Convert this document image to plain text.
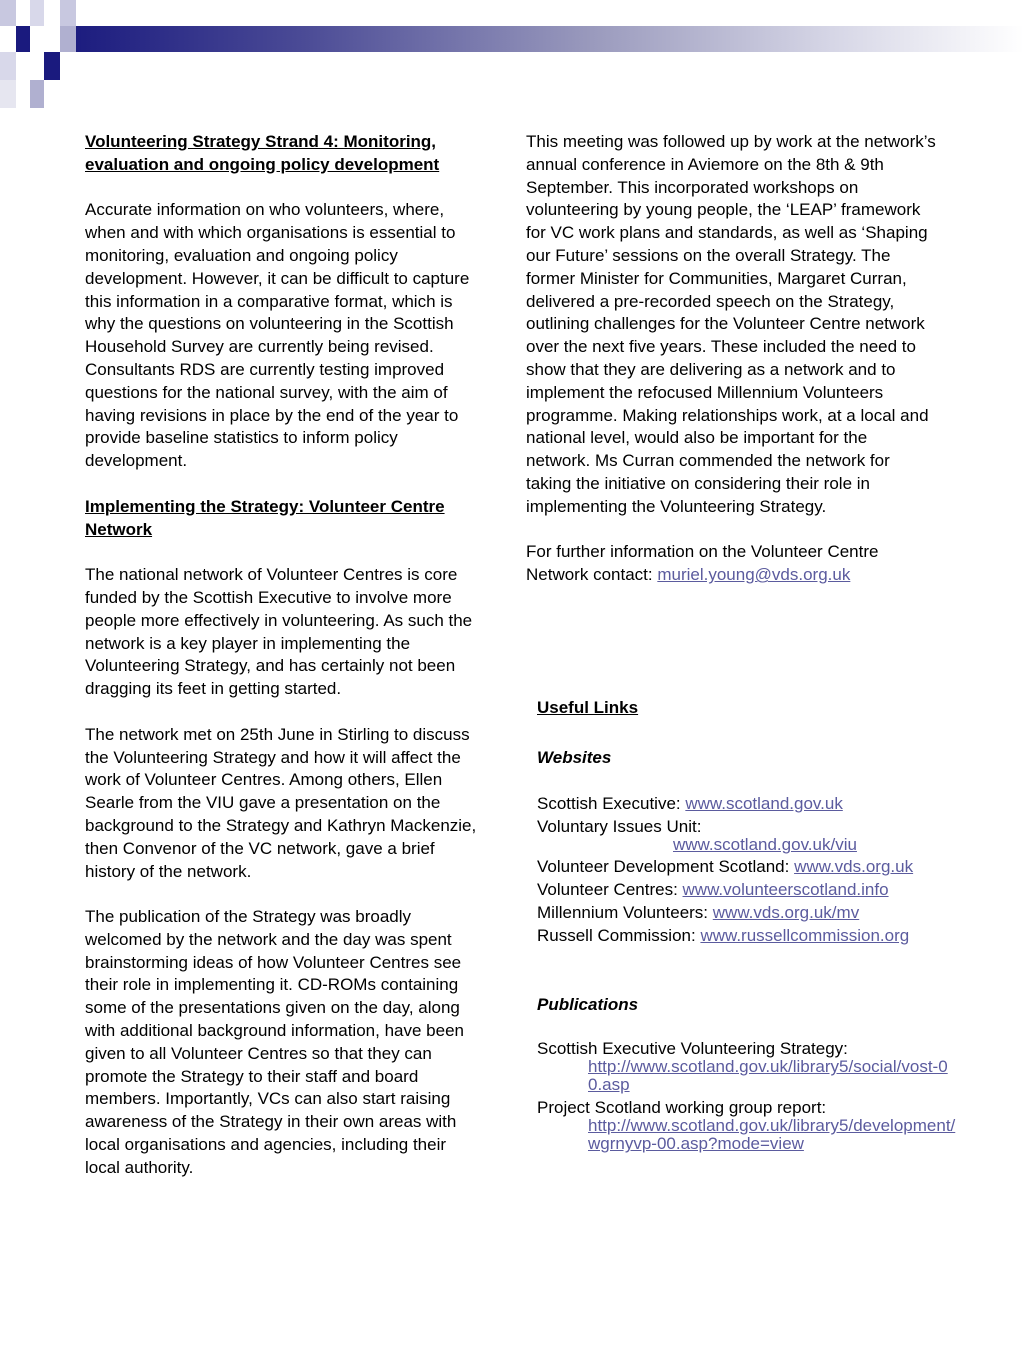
Volunteering Strategy Strand 4: Monitoring, evaluation and ongoing policy development

Accurate information on who volunteers, where, when and with which organisations is essential to monitoring, evaluation and ongoing policy development. However, it can be difficult to capture this information in a comparative format, which is why the questions on volunteering in the Scottish Household Survey are currently being revised. Consultants RDS are currently testing improved questions for the national survey, with the aim of having revisions in place by the end of the year to provide baseline statistics to inform policy development.

Implementing the Strategy: Volunteer Centre Network

The national network of Volunteer Centres is core funded by the Scottish Executive to involve more people more effectively in volunteering. As such the network is a key player in implementing the Volunteering Strategy, and has certainly not been dragging its feet in getting started.

The network met on 25th June in Stirling to discuss the Volunteering Strategy and how it will affect the work of Volunteer Centres. Among others, Ellen Searle from the VIU gave a presentation on the background to the Strategy and Kathryn Mackenzie, then Convenor of the VC network, gave a brief history of the network.

The publication of the Strategy was broadly welcomed by the network and the day was spent brainstorming ideas of how Volunteer Centres see their role in implementing it. CD-ROMs containing some of the presentations given on the day, along with additional background information, have been given to all Volunteer Centres so that they can promote the Strategy to their staff and board members. Importantly, VCs can also start raising awareness of the Strategy in their own areas with local organisations and agencies, including their local authority.

This meeting was followed up by work at the network’s annual conference in Aviemore on the 8th & 9th September. This incorporated workshops on volunteering by young people, the ‘LEAP’ framework for VC work plans and standards, as well as ‘Shaping our Future’ sessions on the overall Strategy. The former Minister for Communities, Margaret Curran, delivered a pre-recorded speech on the Strategy, outlining challenges for the Volunteer Centre network over the next five years. These included the need to show that they are delivering as a network and to implement the refocused Millennium Volunteers programme. Making relationships work, at a local and national level, would also be important for the network. Ms Curran commended the network for taking the initiative on considering their role in implementing the Volunteering Strategy.

For further information on the Volunteer Centre Network contact: muriel.young@vds.org.uk

Useful Links

Websites

Scottish Executive: www.scotland.gov.uk

Voluntary Issues Unit:

www.scotland.gov.uk/viu

Volunteer Development Scotland: www.vds.org.uk

Volunteer Centres: www.volunteerscotland.info

Millennium Volunteers: www.vds.org.uk/mv

Russell Commission: www.russellcommission.org

Publications

Scottish Executive Volunteering Strategy:

http://www.scotland.gov.uk/library5/social/vost-00.asp

Project Scotland working group report:

http://www.scotland.gov.uk/library5/development/wgrnyvp-00.asp?mode=view
